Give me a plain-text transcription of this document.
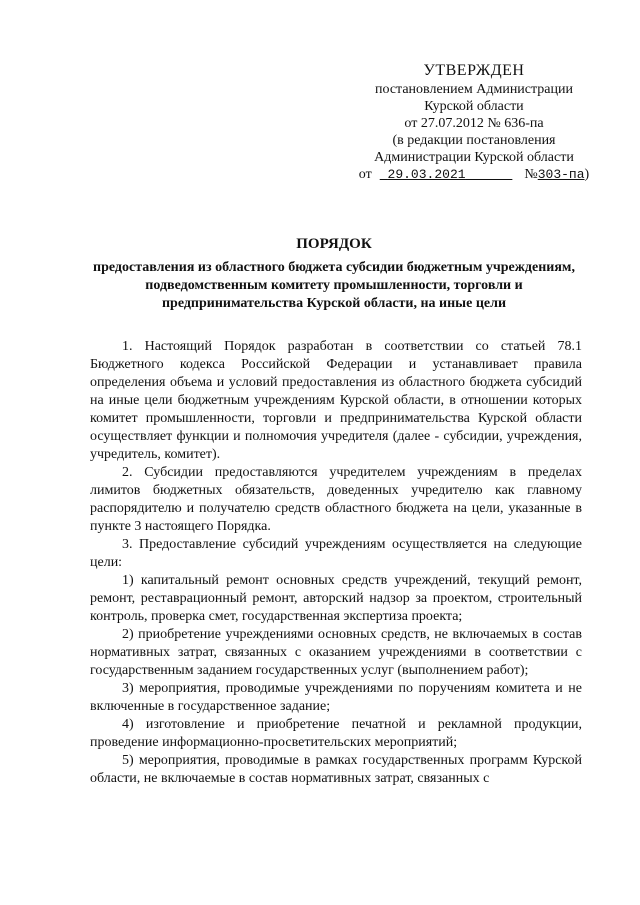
УТВЕРЖДЕН
постановлением Администрации
Курской области
от 27.07.2012 № 636-па
(в редакции постановления
Администрации Курской области
от 29.03.2021	№303-па)
ПОРЯДОК
предоставления из областного бюджета субсидии бюджетным учреждениям, подведомственным комитету промышленности, торговли и предпринимательства Курской области, на иные цели

1. Настоящий Порядок разработан в соответствии со статьей 78.1 Бюджетного кодекса Российской Федерации и устанавливает правила определения объема и условий предоставления из областного бюджета субсидий на иные цели бюджетным учреждениям Курской области, в отношении которых комитет промышленности, торговли и предпринимательства Курской области осуществляет функции и полномочия учредителя (далее - субсидии, учреждения, учредитель, комитет).

2. Субсидии предоставляются учредителем учреждениям в пределах лимитов бюджетных обязательств, доведенных учредителю как главному распорядителю и получателю средств областного бюджета на цели, указанные в пункте 3 настоящего Порядка.

3. Предоставление субсидий учреждениям осуществляется на следующие цели:

1) капитальный ремонт основных средств учреждений, текущий ремонт, ремонт, реставрационный ремонт, авторский надзор за проектом, строительный контроль, проверка смет, государственная экспертиза проекта;

2) приобретение учреждениями основных средств, не включаемых в состав нормативных затрат, связанных с оказанием учреждениями в соответствии с государственным заданием государственных услуг (выполнением работ);

3) мероприятия, проводимые учреждениями по поручениям комитета и не включенные в государственное задание;

4) изготовление и приобретение печатной и рекламной продукции, проведение информационно-просветительских мероприятий;

5) мероприятия, проводимые в рамках государственных программ Курской области, не включаемые в состав нормативных затрат, связанных с
